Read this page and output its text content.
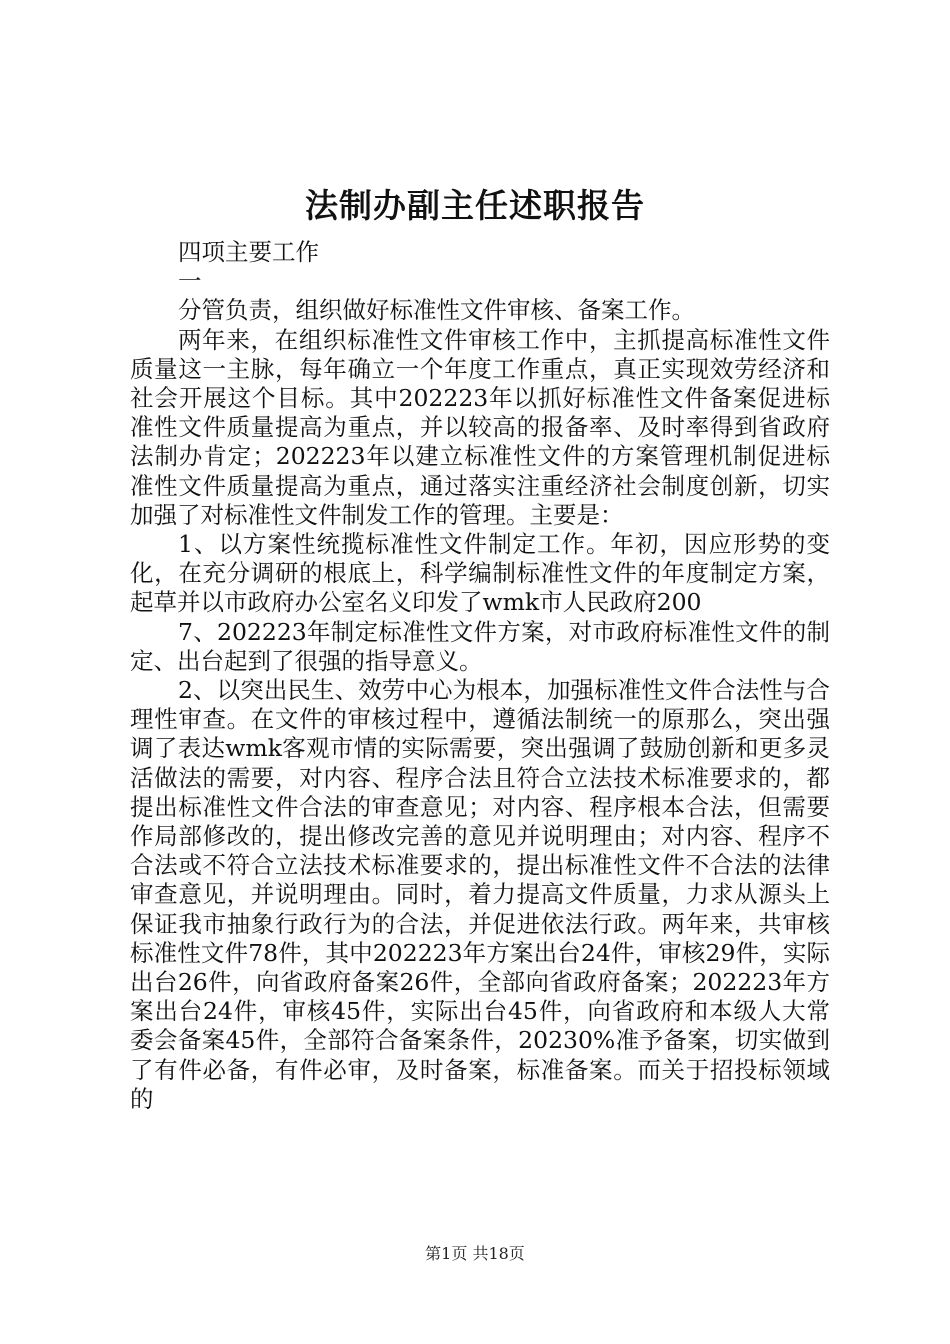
法制办副主任述职报告

四项主要工作

一

分管负责，组织做好标准性文件审核、备案工作。

两年来，在组织标准性文件审核工作中，主抓提高标准性文件质量这一主脉，每年确立一个年度工作重点，真正实现效劳经济和社会开展这个目标。其中202223年以抓好标准性文件备案促进标准性文件质量提高为重点，并以较高的报备率、及时率得到省政府法制办肯定；202223年以建立标准性文件的方案管理机制促进标准性文件质量提高为重点，通过落实注重经济社会制度创新，切实加强了对标准性文件制发工作的管理。主要是：

1、以方案性统揽标准性文件制定工作。年初，因应形势的变化，在充分调研的根底上，科学编制标准性文件的年度制定方案，起草并以市政府办公室名义印发了wmk市人民政府200

7、202223年制定标准性文件方案，对市政府标准性文件的制定、出台起到了很强的指导意义。

2、以突出民生、效劳中心为根本，加强标准性文件合法性与合理性审查。在文件的审核过程中，遵循法制统一的原那么，突出强调了表达wmk客观市情的实际需要，突出强调了鼓励创新和更多灵活做法的需要，对内容、程序合法且符合立法技术标准要求的，都提出标准性文件合法的审查意见；对内容、程序根本合法，但需要作局部修改的，提出修改完善的意见并说明理由；对内容、程序不合法或不符合立法技术标准要求的，提出标准性文件不合法的法律审查意见，并说明理由。同时，着力提高文件质量，力求从源头上保证我市抽象行政行为的合法，并促进依法行政。两年来，共审核标准性文件78件，其中202223年方案出台24件，审核29件，实际出台26件，向省政府备案26件，全部向省政府备案；202223年方案出台24件，审核45件，实际出台45件，向省政府和本级人大常委会备案45件，全部符合备案条件，20230%准予备案，切实做到了有件必备，有件必审，及时备案，标准备案。而关于招投标领域的

第1页 共18页
